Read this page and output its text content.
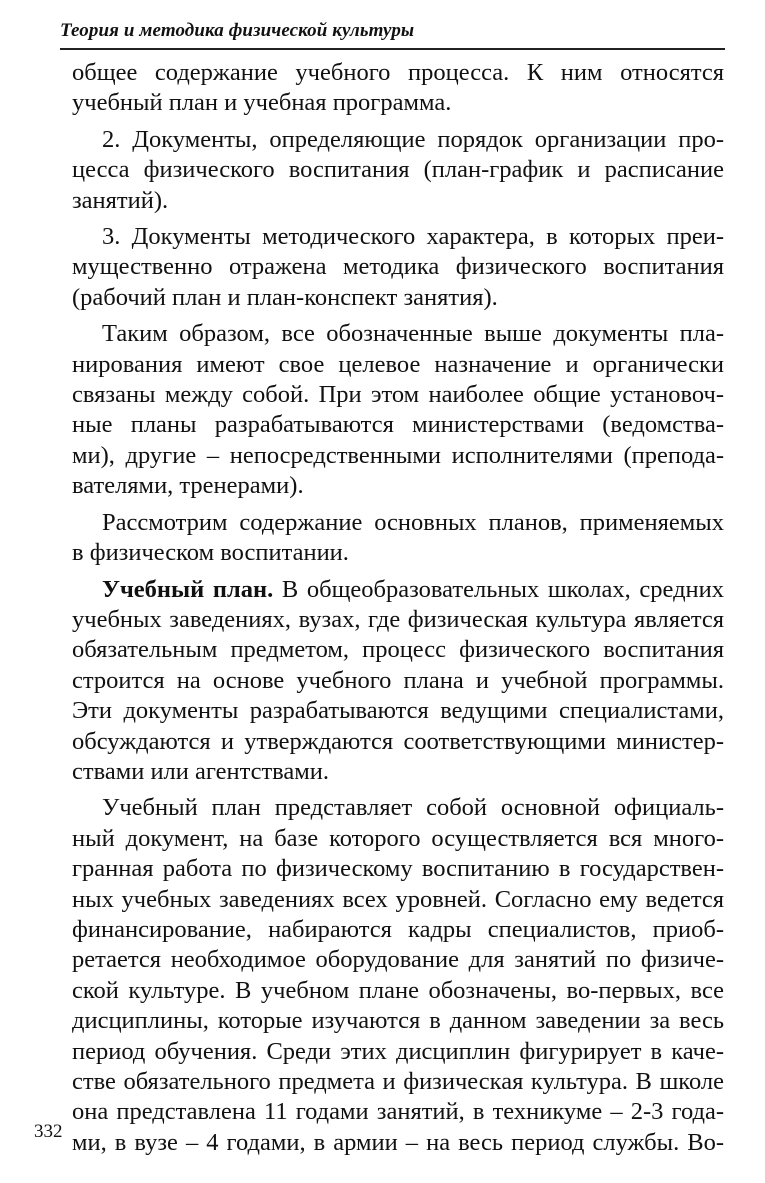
Теория и методика физической культуры
общее содержание учебного процесса. К ним относятся
учебный план и учебная программа.
2. Документы, определяющие порядок организации про-
цесса физического воспитания (план-график и расписание
занятий).
3. Документы методического характера, в которых преи-
мущественно отражена методика физического воспитания
(рабочий план и план-конспект занятия).
Таким образом, все обозначенные выше документы пла-
нирования имеют свое целевое назначение и органически
связаны между собой. При этом наиболее общие установоч-
ные планы разрабатываются министерствами (ведомства-
ми), другие – непосредственными исполнителями (препода-
вателями, тренерами).
Рассмотрим содержание основных планов, применяемых
в физическом воспитании.
Учебный план. В общеобразовательных школах, средних
учебных заведениях, вузах, где физическая культура является
обязательным предметом, процесс физического воспитания
строится на основе учебного плана и учебной программы.
Эти документы разрабатываются ведущими специалистами,
обсуждаются и утверждаются соответствующими министер-
ствами или агентствами.
Учебный план представляет собой основной официаль-
ный документ, на базе которого осуществляется вся много-
гранная работа по физическому воспитанию в государствен-
ных учебных заведениях всех уровней. Согласно ему ведется
финансирование, набираются кадры специалистов, приоб-
ретается необходимое оборудование для занятий по физиче-
ской культуре. В учебном плане обозначены, во-первых, все
дисциплины, которые изучаются в данном заведении за весь
период обучения. Среди этих дисциплин фигурирует в каче-
стве обязательного предмета и физическая культура. В школе
она представлена 11 годами занятий, в техникуме – 2-3 года-
ми, в вузе – 4 годами, в армии – на весь период службы. Во-
332
